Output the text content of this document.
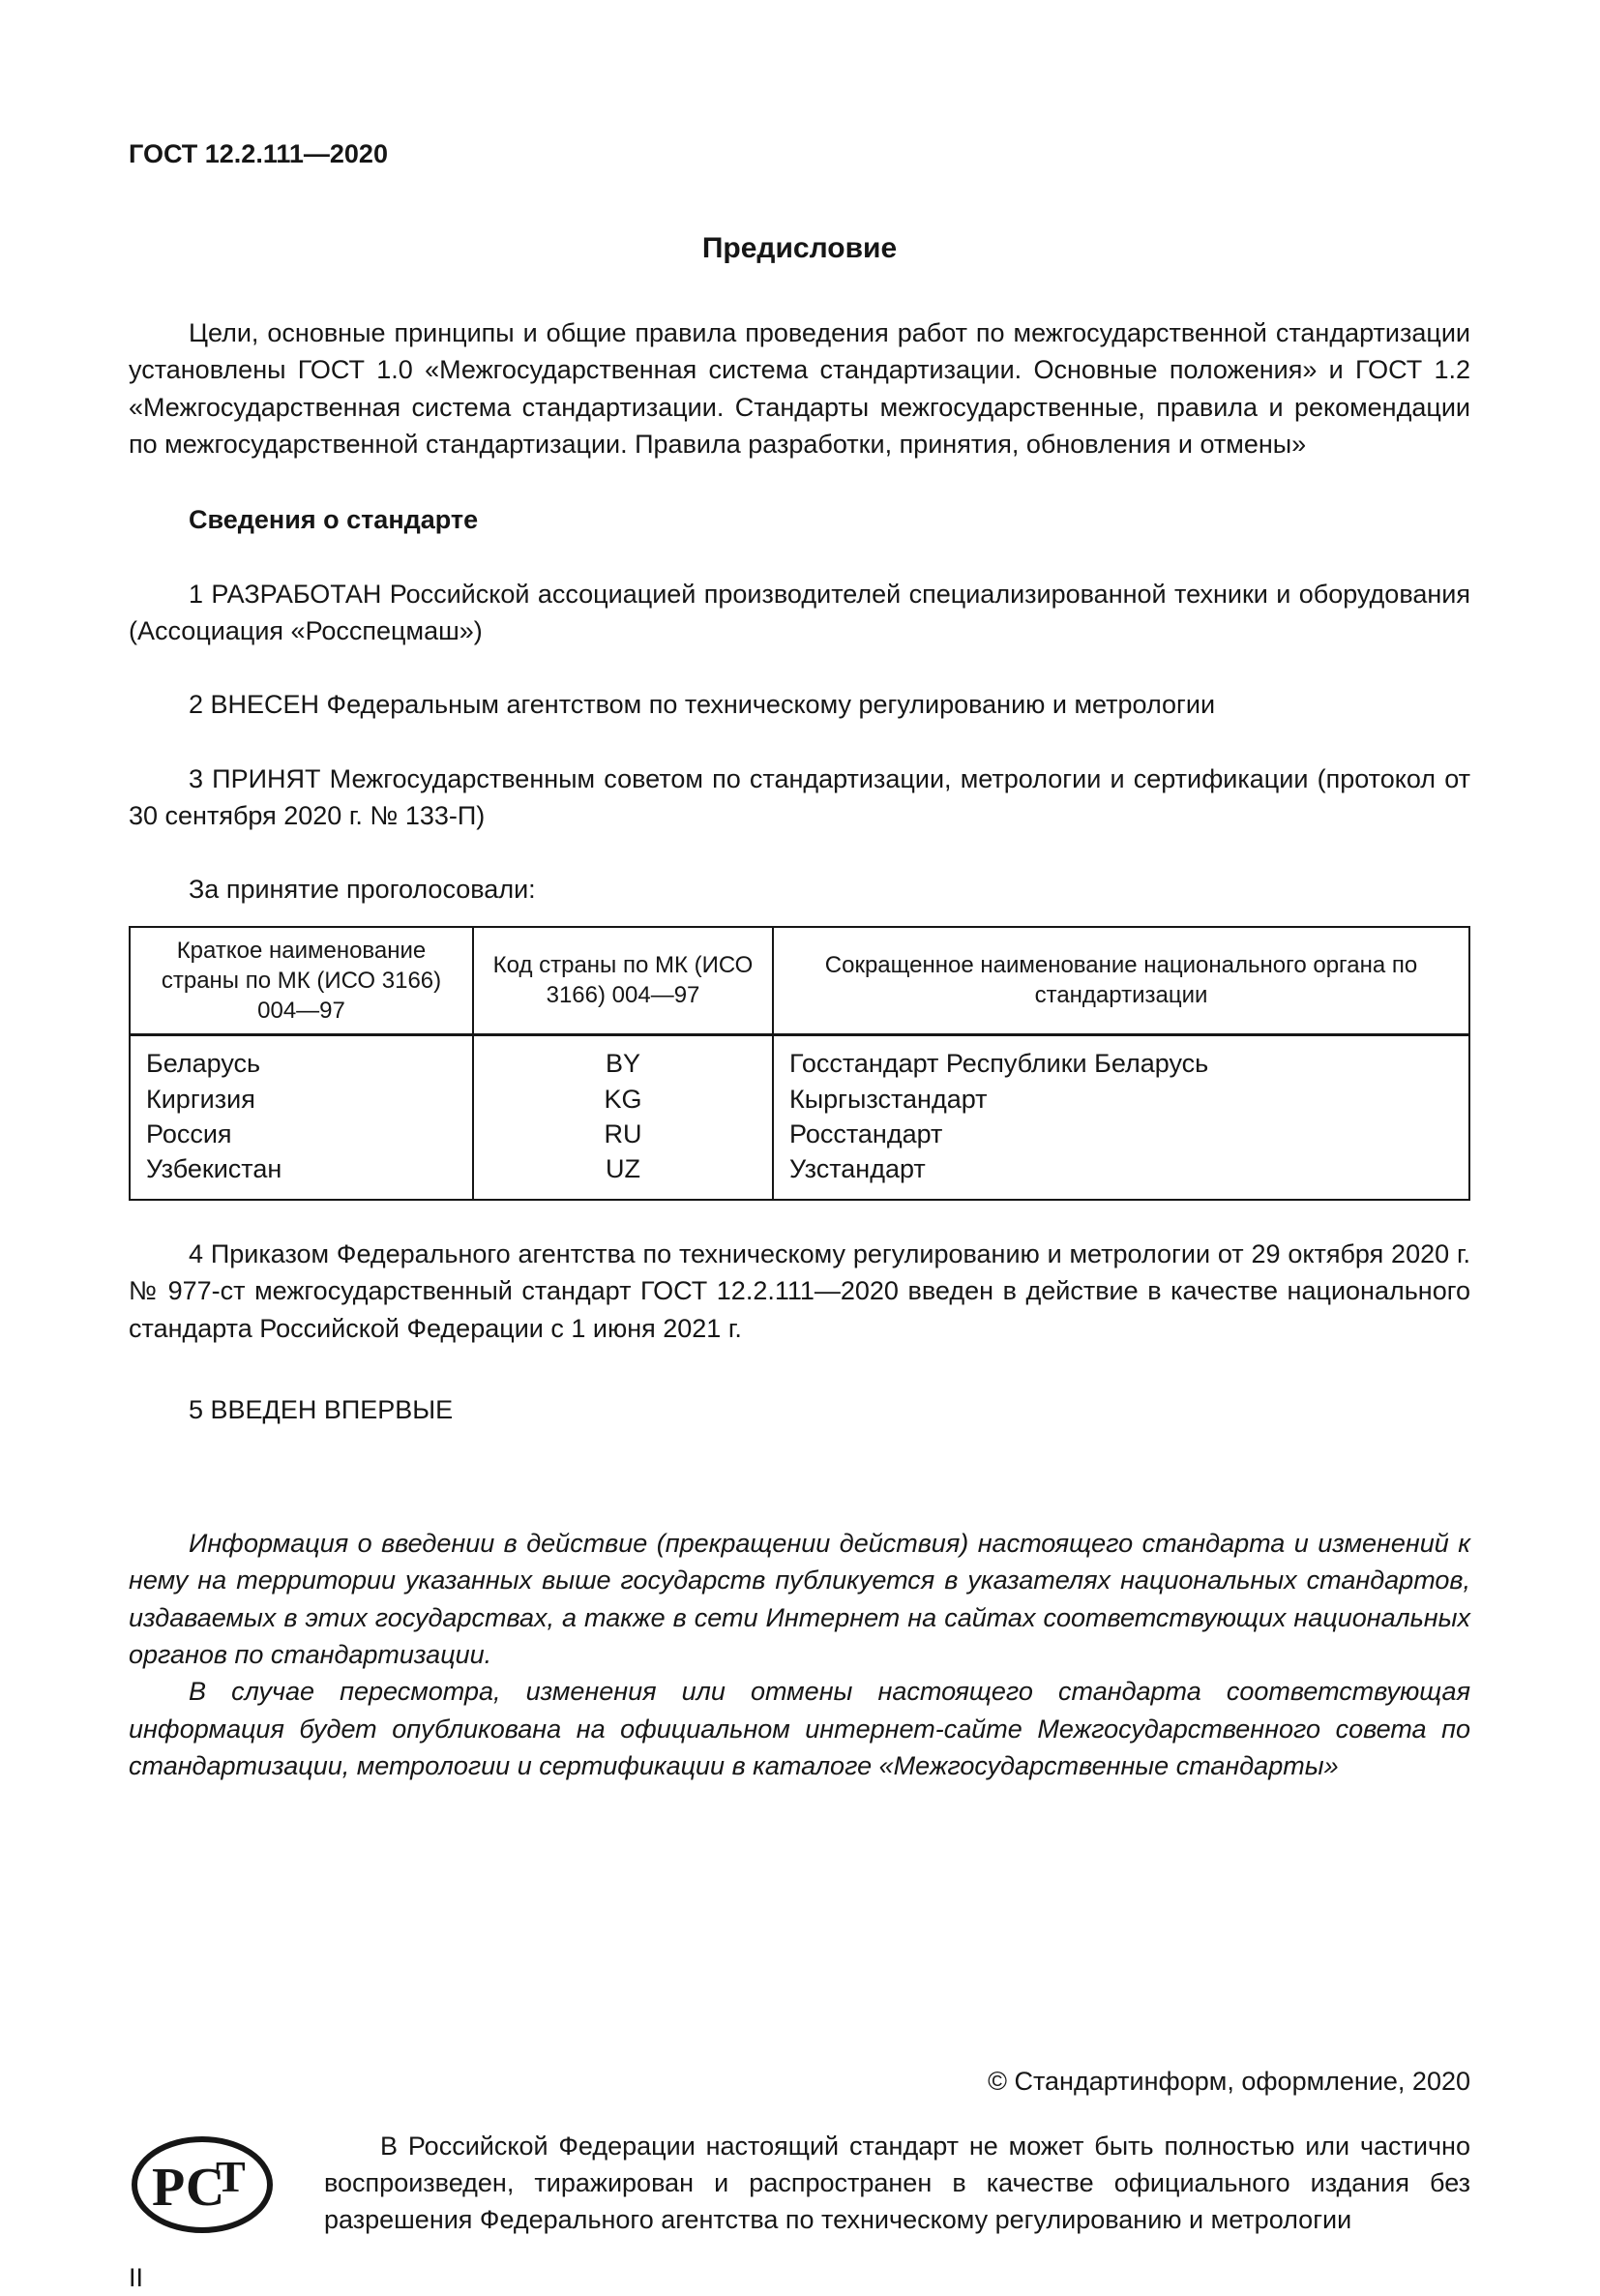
ГОСТ 12.2.111—2020
Предисловие

Цели, основные принципы и общие правила проведения работ по межгосударственной стандартизации установлены ГОСТ 1.0 «Межгосударственная система стандартизации. Основные положения» и ГОСТ 1.2 «Межгосударственная система стандартизации. Стандарты межгосударственные, правила и рекомендации по межгосударственной стандартизации. Правила разработки, принятия, обновления и отмены»

Сведения о стандарте

1 РАЗРАБОТАН Российской ассоциацией производителей специализированной техники и оборудования (Ассоциация «Росспецмаш»)

2 ВНЕСЕН Федеральным агентством по техническому регулированию и метрологии

3 ПРИНЯТ Межгосударственным советом по стандартизации, метрологии и сертификации (протокол от 30 сентября 2020 г. № 133-П)

За принятие проголосовали:

Краткое наименование страны по МК (ИСО 3166) 004—97	Код страны по МК (ИСО 3166) 004—97	Сокращенное наименование национального органа по стандартизации
Беларусь	BY	Госстандарт Республики Беларусь
Киргизия	KG	Кыргызстандарт
Россия	RU	Росстандарт
Узбекистан	UZ	Узстандарт

4 Приказом Федерального агентства по техническому регулированию и метрологии от 29 октября 2020 г. № 977-ст межгосударственный стандарт ГОСТ 12.2.111—2020 введен в действие в качестве национального стандарта Российской Федерации с 1 июня 2021 г.

5 ВВЕДЕН ВПЕРВЫЕ

Информация о введении в действие (прекращении действия) настоящего стандарта и изменений к нему на территории указанных выше государств публикуется в указателях национальных стандартов, издаваемых в этих государствах, а также в сети Интернет на сайтах соответствующих национальных органов по стандартизации.

В случае пересмотра, изменения или отмены настоящего стандарта соответствующая информация будет опубликована на официальном интернет-сайте Межгосударственного совета по стандартизации, метрологии и сертификации в каталоге «Межгосударственные стандарты»

© Стандартинформ, оформление, 2020
РС
Т

В Российской Федерации настоящий стандарт не может быть полностью или частично воспроизведен, тиражирован и распространен в качестве официального издания без разрешения Федерального агентства по техническому регулированию и метрологии

II
